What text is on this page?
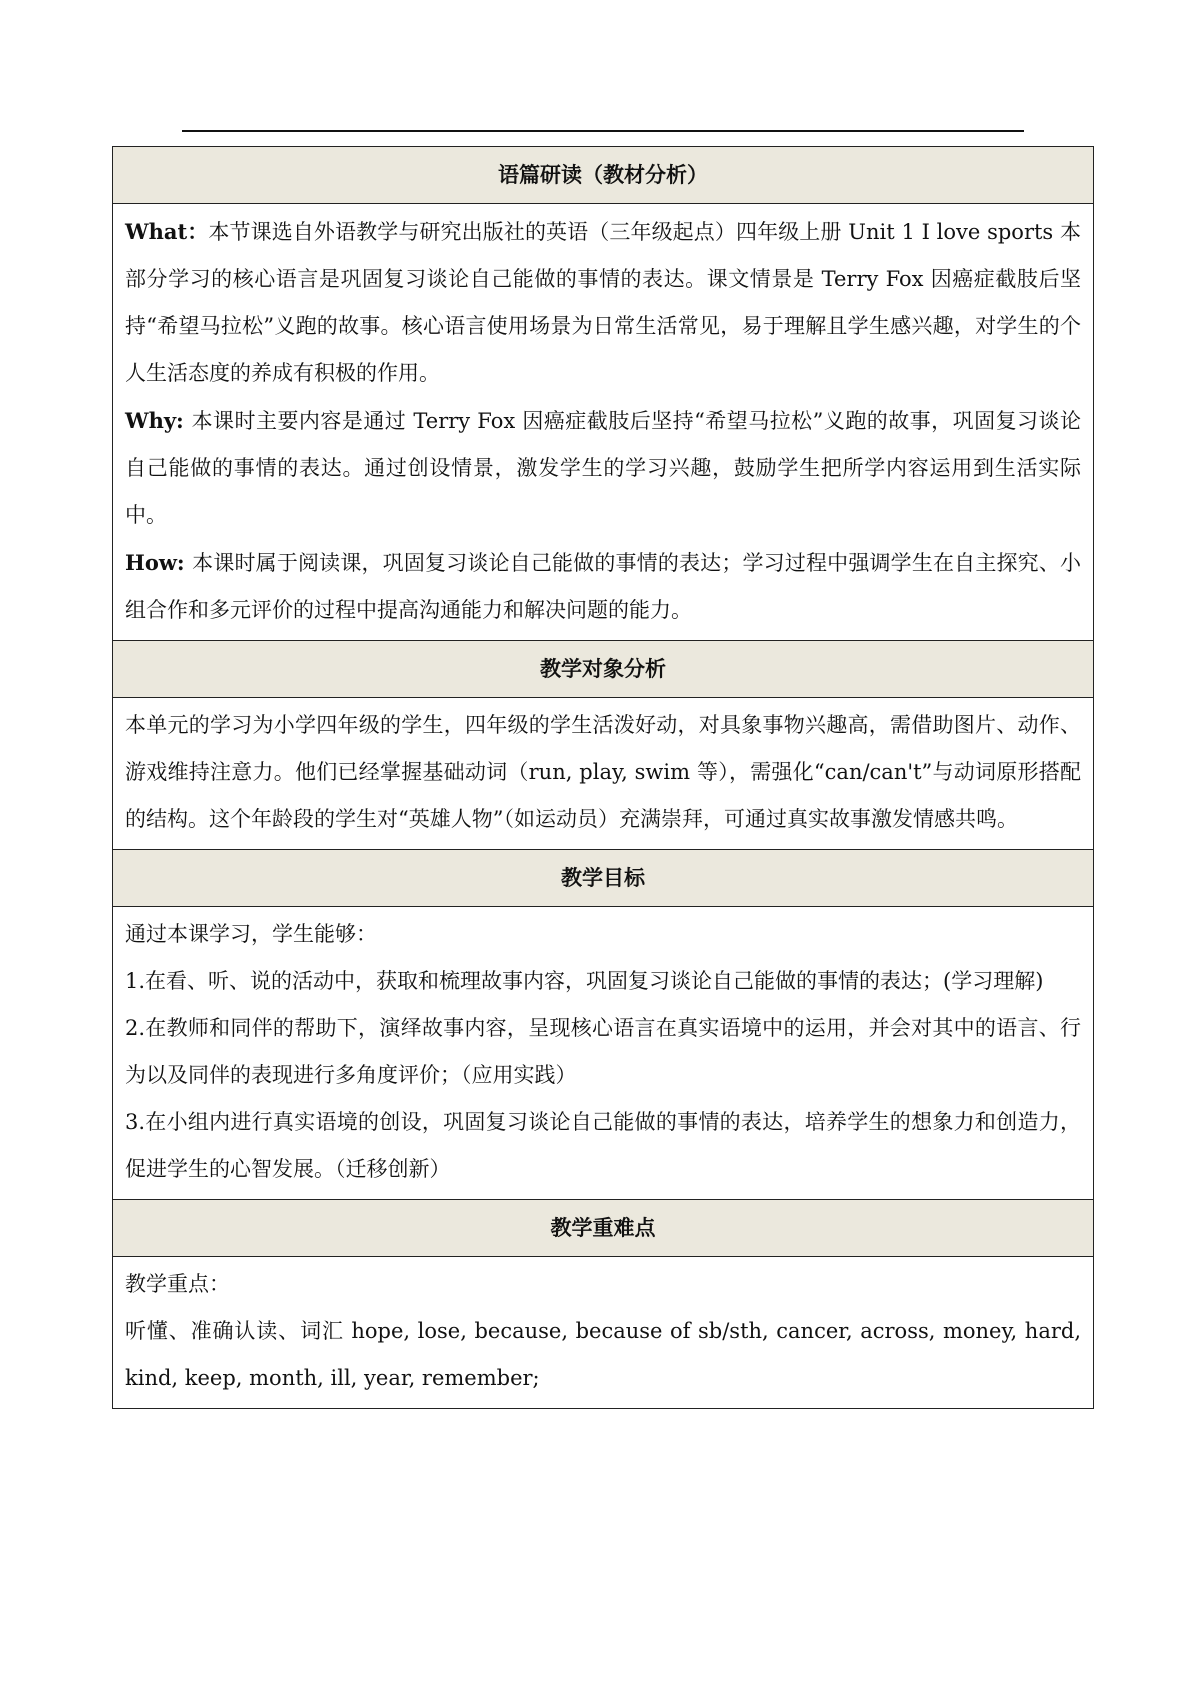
语篇研读（教材分析）

What：本节课选自外语教学与研究出版社的英语（三年级起点）四年级上册 Unit 1 I love sports 本部分学习的核心语言是巩固复习谈论自己能做的事情的表达。课文情景是 Terry Fox 因癌症截肢后坚持“希望马拉松”义跑的故事。核心语言使用场景为日常生活常见，易于理解且学生感兴趣，对学生的个人生活态度的养成有积极的作用。

Why: 本课时主要内容是通过 Terry Fox 因癌症截肢后坚持“希望马拉松”义跑的故事，巩固复习谈论自己能做的事情的表达。通过创设情景，激发学生的学习兴趣，鼓励学生把所学内容运用到生活实际中。

How: 本课时属于阅读课，巩固复习谈论自己能做的事情的表达；学习过程中强调学生在自主探究、小组合作和多元评价的过程中提高沟通能力和解决问题的能力。

教学对象分析

本单元的学习为小学四年级的学生，四年级的学生活泼好动，对具象事物兴趣高，需借助图片、动作、游戏维持注意力。他们已经掌握基础动词（run, play, swim 等），需强化“can/can't”与动词原形搭配的结构。这个年龄段的学生对“英雄人物”（如运动员）充满崇拜，可通过真实故事激发情感共鸣。

教学目标

通过本课学习，学生能够：

1.在看、听、说的活动中，获取和梳理故事内容，巩固复习谈论自己能做的事情的表达；(学习理解)

2.在教师和同伴的帮助下，演绎故事内容，呈现核心语言在真实语境中的运用，并会对其中的语言、行为以及同伴的表现进行多角度评价；（应用实践）

3.在小组内进行真实语境的创设，巩固复习谈论自己能做的事情的表达，培养学生的想象力和创造力，促进学生的心智发展。（迁移创新）

教学重难点

教学重点：

听懂、准确认读、词汇 hope, lose, because, because of sb/sth, cancer, across, money, hard, kind, keep, month, ill, year, remember;
